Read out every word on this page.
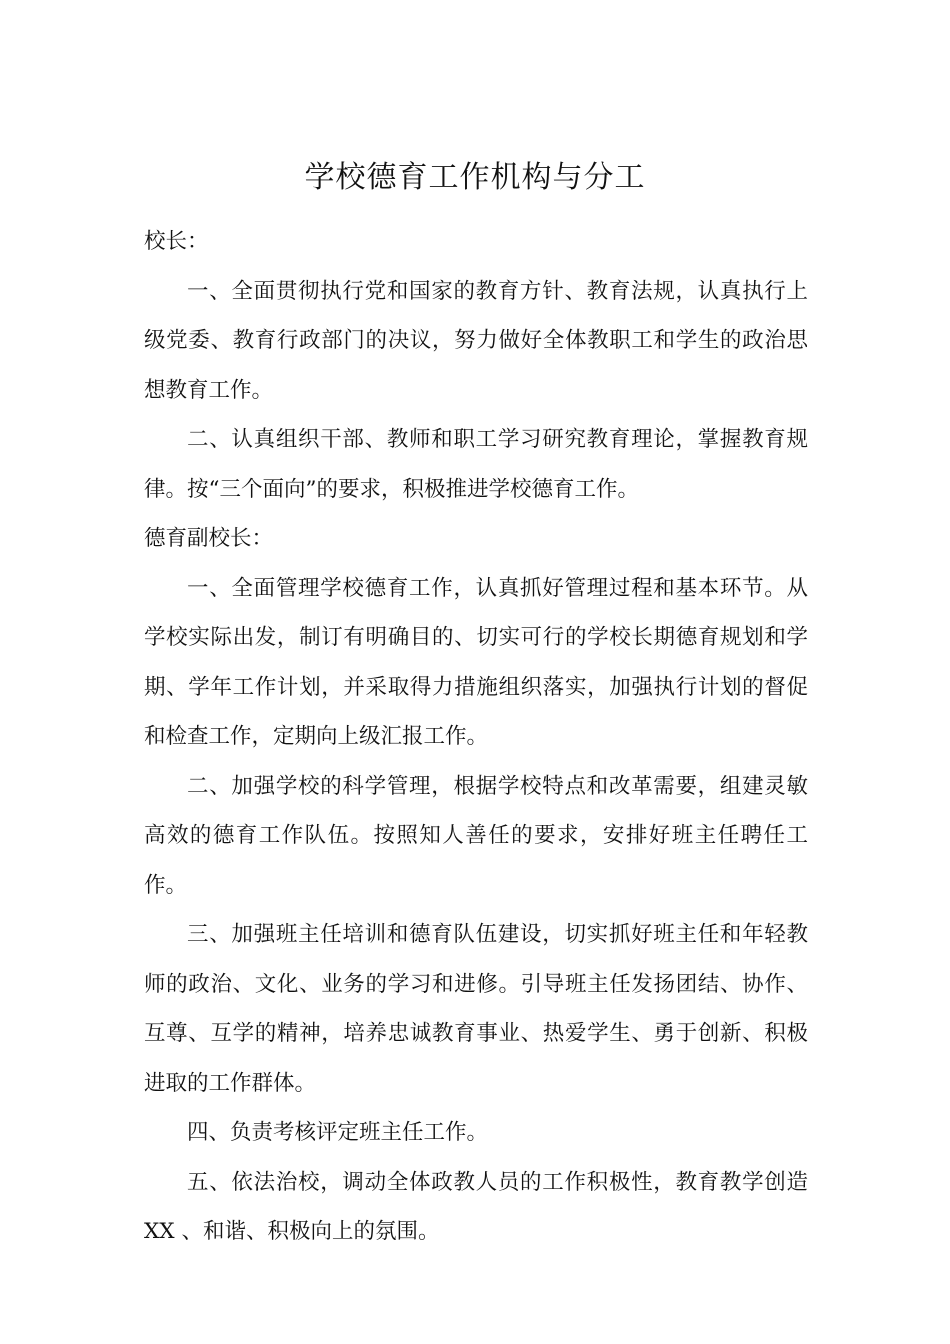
学校德育工作机构与分工

校长：

一、全面贯彻执行党和国家的教育方针、教育法规，认真执行上级党委、教育行政部门的决议，努力做好全体教职工和学生的政治思想教育工作。

二、认真组织干部、教师和职工学习研究教育理论，掌握教育规律。按“三个面向”的要求，积极推进学校德育工作。

德育副校长：

一、全面管理学校德育工作，认真抓好管理过程和基本环节。从学校实际出发，制订有明确目的、切实可行的学校长期德育规划和学期、学年工作计划，并采取得力措施组织落实，加强执行计划的督促和检查工作，定期向上级汇报工作。

二、加强学校的科学管理，根据学校特点和改革需要，组建灵敏高效的德育工作队伍。按照知人善任的要求，安排好班主任聘任工作。

三、加强班主任培训和德育队伍建设，切实抓好班主任和年轻教师的政治、文化、业务的学习和进修。引导班主任发扬团结、协作、互尊、互学的精神，培养忠诚教育事业、热爱学生、勇于创新、积极进取的工作群体。

四、负责考核评定班主任工作。

五、依法治校，调动全体政教人员的工作积极性，教育教学创造XX 、和谐、积极向上的氛围。
